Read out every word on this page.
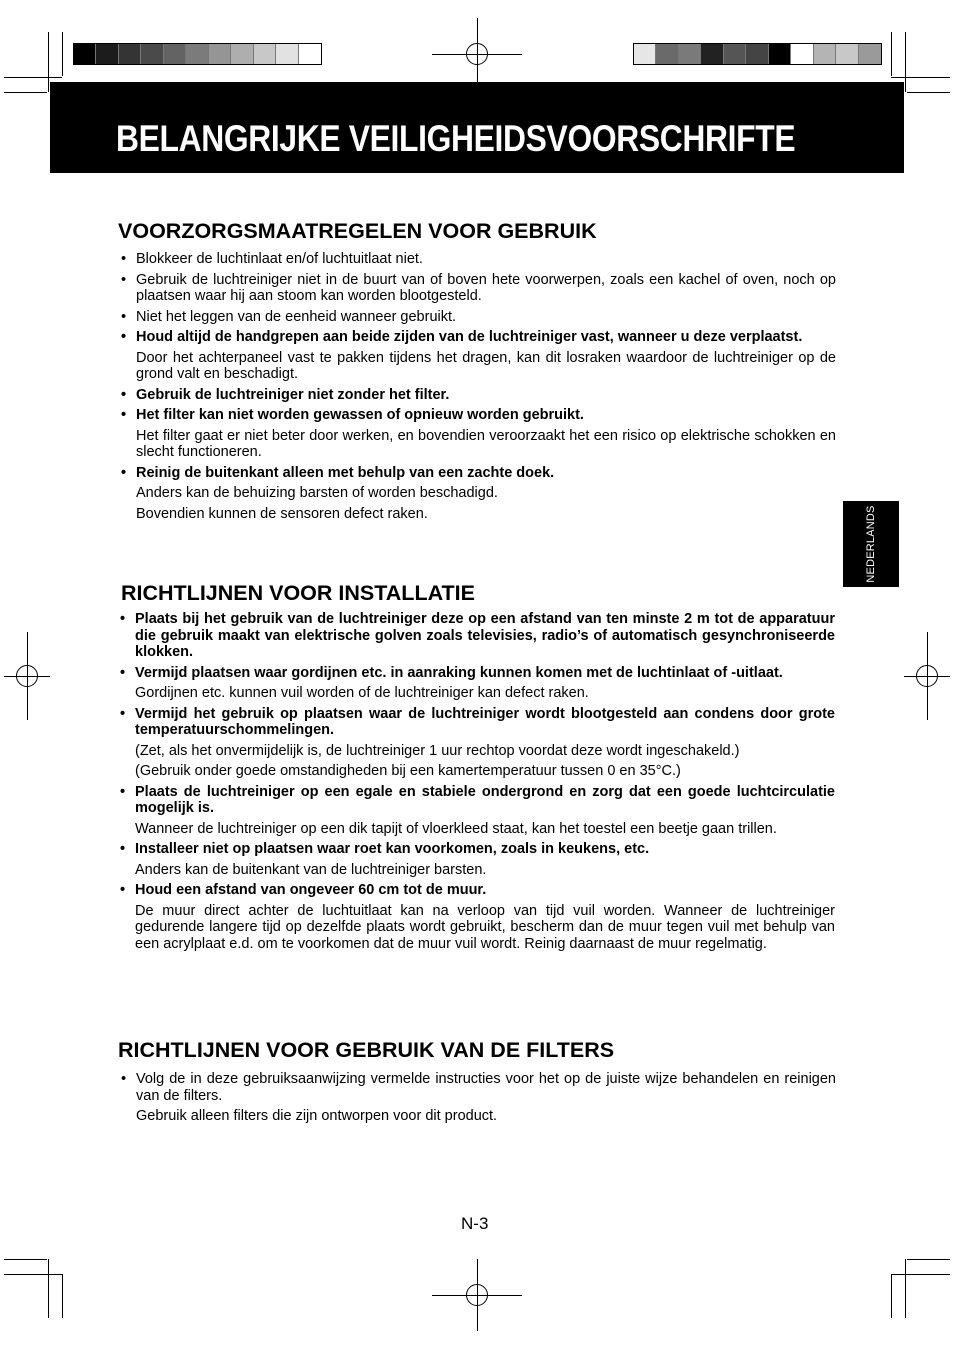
BELANGRIJKE VEILIGHEIDSVOORSCHRIFTE
NEDERLANDS
VOORZORGSMAATREGELEN VOOR GEBRUIK

• Blokkeer de luchtinlaat en/of luchtuitlaat niet.

• Gebruik de luchtreiniger niet in de buurt van of boven hete voorwerpen, zoals een kachel of oven, noch op plaatsen waar hij aan stoom kan worden blootgesteld.

• Niet het leggen van de eenheid wanneer gebruikt.

• Houd altijd de handgrepen aan beide zijden van de luchtreiniger vast, wanneer u deze verplaatst.

Door het achterpaneel vast te pakken tijdens het dragen, kan dit losraken waardoor de luchtreiniger op de grond valt en beschadigt.

• Gebruik de luchtreiniger niet zonder het filter.

• Het filter kan niet worden gewassen of opnieuw worden gebruikt.

Het filter gaat er niet beter door werken, en bovendien veroorzaakt het een risico op elektrische schokken en slecht functioneren.

• Reinig de buitenkant alleen met behulp van een zachte doek.

Anders kan de behuizing barsten of worden beschadigd.

Bovendien kunnen de sensoren defect raken.

RICHTLIJNEN VOOR INSTALLATIE

• Plaats bij het gebruik van de luchtreiniger deze op een afstand van ten minste 2 m tot de apparatuur die gebruik maakt van elektrische golven zoals televisies, radio’s of automatisch gesynchroniseerde klokken.

• Vermijd plaatsen waar gordijnen etc. in aanraking kunnen komen met de luchtinlaat of -uitlaat.

Gordijnen etc. kunnen vuil worden of de luchtreiniger kan defect raken.

• Vermijd het gebruik op plaatsen waar de luchtreiniger wordt blootgesteld aan condens door grote temperatuurschommelingen.

(Zet, als het onvermijdelijk is, de luchtreiniger 1 uur rechtop voordat deze wordt ingeschakeld.)

(Gebruik onder goede omstandigheden bij een kamertemperatuur tussen 0 en 35°C.)

• Plaats de luchtreiniger op een egale en stabiele ondergrond en zorg dat een goede luchtcirculatie mogelijk is.

Wanneer de luchtreiniger op een dik tapijt of vloerkleed staat, kan het toestel een beetje gaan trillen.

• Installeer niet op plaatsen waar roet kan voorkomen, zoals in keukens, etc.

Anders kan de buitenkant van de luchtreiniger barsten.

• Houd een afstand van ongeveer 60 cm tot de muur.

De muur direct achter de luchtuitlaat kan na verloop van tijd vuil worden. Wanneer de luchtreiniger gedurende langere tijd op dezelfde plaats wordt gebruikt, bescherm dan de muur tegen vuil met behulp van een acrylplaat e.d. om te voorkomen dat de muur vuil wordt. Reinig daarnaast de muur regelmatig.

RICHTLIJNEN VOOR GEBRUIK VAN DE FILTERS

• Volg de in deze gebruiksaanwijzing vermelde instructies voor het op de juiste wijze behandelen en reinigen van de filters.

Gebruik alleen filters die zijn ontworpen voor dit product.

N-3
